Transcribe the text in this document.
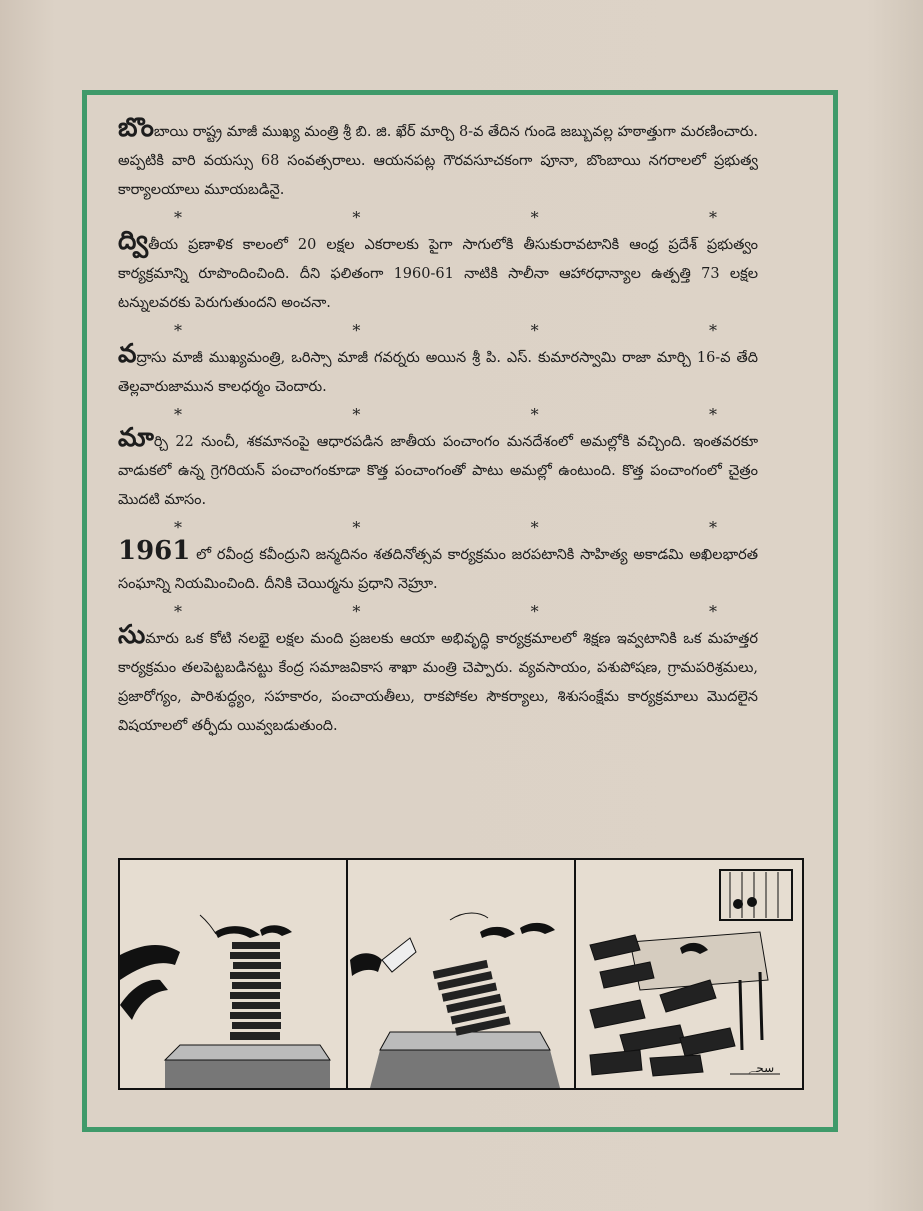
బొంబాయి రాష్ట్ర మాజీ ముఖ్య మంత్రి శ్రీ బి. జి. ఖేర్ మార్చి 8-వ తేదిన గుండె జబ్బువల్ల హఠాత్తుగా మరణించారు. అప్పటికి వారి వయస్సు 68 సంవత్సరాలు. ఆయనపట్ల గౌరవసూచకంగా పూనా, బొంబాయి నగరాలలో ప్రభుత్వ కార్యాలయాలు మూయబడినై.

*	*	*	*

ద్వితీయ ప్రణాళిక కాలంలో 20 లక్షల ఎకరాలకు పైగా సాగులోకి తీసుకురావటానికి ఆంధ్ర ప్రదేశ్ ప్రభుత్వం కార్యక్రమాన్ని రూపొందించింది. దీని ఫలితంగా 1960-61 నాటికి సాలీనా ఆహారధాన్యాల ఉత్పత్తి 73 లక్షల టన్నులవరకు పెరుగుతుందని అంచనా.

*	*	*	*

వద్రాసు మాజీ ముఖ్యమంత్రి, ఒరిస్సా మాజీ గవర్నరు అయిన శ్రీ పి. ఎస్. కుమారస్వామి రాజా మార్చి 16-వ తేది తెల్లవారుజామున కాలధర్మం చెందారు.

*	*	*	*

మార్చి 22 నుంచీ, శకమానంపై ఆధారపడిన జాతీయ పంచాంగం మనదేశంలో అమల్లోకి వచ్చింది. ఇంతవరకూ వాడుకలో ఉన్న గ్రెగరియన్ పంచాంగంకూడా కొత్త పంచాంగంతో పాటు అమల్లో ఉంటుంది. కొత్త పంచాంగంలో చైత్రం మొదటి మాసం.

*	*	*	*

1961 లో రవీంద్ర కవీంద్రుని జన్మదినం శతదినోత్సవ కార్యక్రమం జరపటానికి సాహిత్య అకాడమి అఖిలభారత సంఘాన్ని నియమించింది. దీనికి చెయిర్మను ప్రధాని నెహ్రూ.

*	*	*	*

సుమారు ఒక కోటి నలభై లక్షల మంది ప్రజలకు ఆయా అభివృద్ధి కార్యక్రమాలలో శిక్షణ ఇవ్వటానికి ఒక మహత్తర కార్యక్రమం తలపెట్టబడినట్టు కేంద్ర సమాజవికాస శాఖా మంత్రి చెప్పారు. వ్యవసాయం, పశుపోషణ, గ్రామపరిశ్రమలు, ప్రజారోగ్యం, పారిశుద్ధ్యం, సహకారం, పంచాయతీలు, రాకపోకల సౌకర్యాలు, శిశుసంక్షేమ కార్యక్రమాలు మొదలైన విషయాలలో తర్ఫీదు యివ్వబడుతుంది.

ﺳﺤﮯ
